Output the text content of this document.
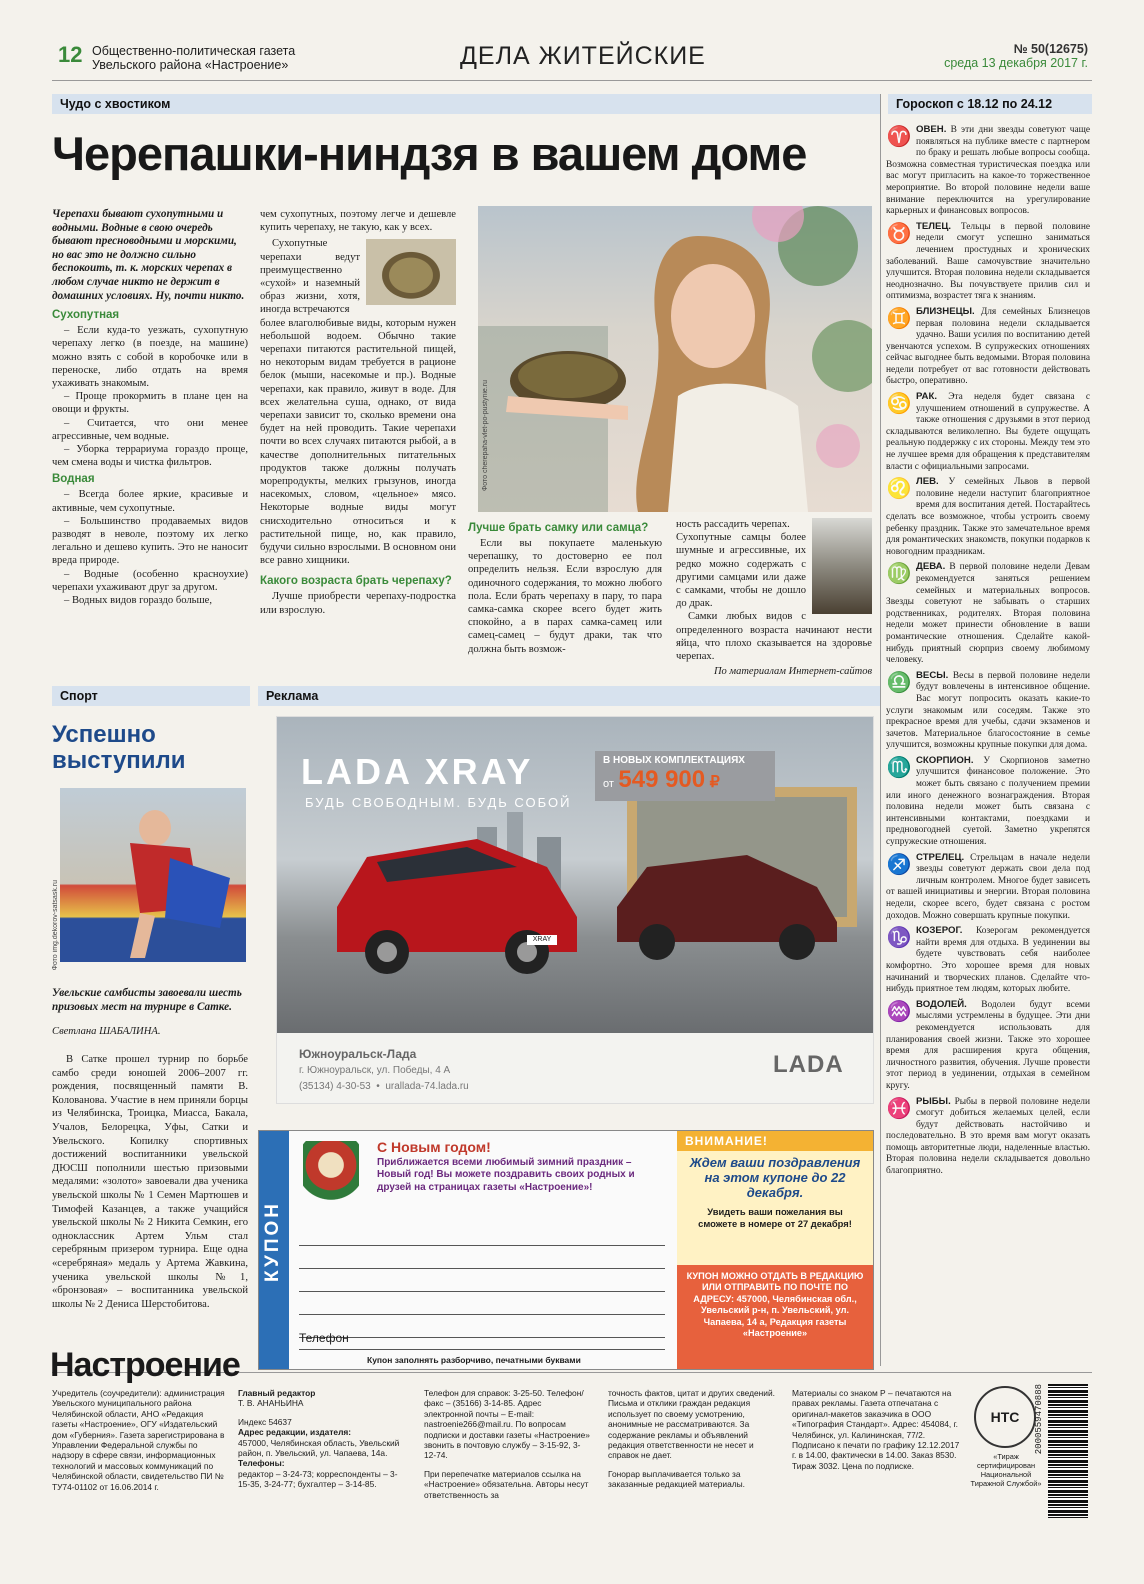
12 Общественно-политическая газета
Увельского района «Настроение»	ДЕЛА ЖИТЕЙСКИЕ	№ 50(12675)
среда 13 декабря 2017 г.
Чудо с хвостиком	Гороскоп с 18.12 по 24.12
Черепашки-ниндзя в вашем доме
Черепахи бывают сухопутными и водными. Водные в свою очередь бывают пресноводными и морскими, но вас это не должно сильно беспокоить, т. к. морских черепах в любом случае никто не держит в домашних условиях. Ну, почти никто.
Сухопутная

– Если куда-то уезжать, сухопутную черепаху легко (в поезде, на машине) можно взять с собой в коробочке или в переноске, либо отдать на время ухаживать знакомым.

– Проще прокормить в плане цен на овощи и фрукты.

– Считается, что они менее агрессивные, чем водные.

– Уборка террариума гораздо проще, чем смена воды и чистка фильтров.

Водная

– Всегда более яркие, красивые и активные, чем сухопутные.

– Большинство продаваемых видов разводят в неволе, поэтому их легко легально и дешево купить. Это не наносит вреда природе.

– Водные (особенно красноухие) черепахи ухаживают друг за другом.

– Водных видов гораздо больше,

чем сухопутных, поэтому легче и дешевле купить черепаху, не такую, как у всех.
Сухопутные черепахи ведут преимущественно «сухой» и наземный образ жизни, хотя, иногда встречаются
более влаголюбивые виды, которым нужен небольшой водоем. Обычно такие черепахи питаются растительной пищей, но некоторым видам требуется в рационе белок (мыши, насекомые и пр.). Водные черепахи, как правило, живут в воде. Для всех желательна суша, однако, от вида черепахи зависит то, сколько времени она будет на ней проводить. Такие черепахи почти во всех случаях питаются рыбой, а в качестве дополнительных питательных продуктов также должны получать морепродукты, мелких грызунов, иногда насекомых, словом, «цельное» мясо. Некоторые водные виды могут снисходительно относиться и к растительной пище, но, как правило, будучи сильно взрослыми. В основном они все равно хищники.
Какого возраста брать черепаху?
Лучше приобрести черепаху-подростка или взрослую.
Фото cherepaha-vlet-po-pustynie.ru
Лучше брать самку или самца?
Если вы покупаете маленькую черепашку, то достоверно ее пол определить нельзя. Если взрослую для одиночного содержания, то можно любого пола. Если брать черепаху в пару, то пара самка-самка скорее всего будет жить спокойно, а в парах самка-самец или самец-самец – будут драки, так что должна быть возмож-
ность рассадить черепах.
Сухопутные самцы более шумные и агрессивные, их редко можно содержать с другими самцами или даже с самками, чтобы не дошло до драк.
Самки любых видов с определенного возраста начинают нести яйца, что плохо сказывается на здоровье черепах.
По материалам Интернет-сайтов
♈ ОВЕН. В эти дни звезды советуют чаще появляться на публике вместе с партнером по браку и решать любые вопросы сообща. Возможна совместная туристическая поездка или вас могут пригласить на какое-то торжественное мероприятие. Во второй половине недели ваше внимание переключится на урегулирование карьерных и финансовых вопросов.
♉ ТЕЛЕЦ. Тельцы в первой половине недели смогут успешно заниматься лечением простудных и хронических заболеваний. Ваше самочувствие значительно улучшится. Вторая половина недели складывается неоднозначно. Вы почувствуете прилив сил и оптимизма, возрастет тяга к знаниям.
♊ БЛИЗНЕЦЫ. Для семейных Близнецов первая половина недели складывается удачно. Ваши усилия по воспитанию детей увенчаются успехом. В супружеских отношениях сейчас выгоднее быть ведомыми. Вторая половина недели потребует от вас готовности действовать быстро, оперативно.
♋ РАК. Эта неделя будет связана с улучшением отношений в супружестве. А также отношения с друзьями в этот период складываются великолепно. Вы будете ощущать реальную поддержку с их стороны. Между тем это не лучшее время для обращения к представителям власти с официальными запросами.
♌ ЛЕВ. У семейных Львов в первой половине недели наступит благоприятное время для воспитания детей. Постарайтесь сделать все возможное, чтобы устроить своему ребенку праздник. Также это замечательное время для романтических знакомств, покупки подарков к новогодним праздникам.
♍ ДЕВА. В первой половине недели Девам рекомендуется заняться решением семейных и материальных вопросов. Звезды советуют не забывать о старших родственниках, родителях. Вторая половина недели может принести обновление в ваши романтические отношения. Сделайте какой-нибудь приятный сюрприз своему любимому человеку.
♎ ВЕСЫ. Весы в первой половине недели будут вовлечены в интенсивное общение. Вас могут попросить оказать какие-то услуги знакомым или соседям. Также это прекрасное время для учебы, сдачи экзаменов и зачетов. Материальное благосостояние в семье улучшится, возможны крупные покупки для дома.
♏ СКОРПИОН. У Скорпионов заметно улучшится финансовое положение. Это может быть связано с получением премии или иного денежного вознаграждения. Вторая половина недели может быть связана с интенсивными контактами, поездками и предновогодней суетой. Заметно укрепятся супружеские отношения.
♐ СТРЕЛЕЦ. Стрельцам в начале недели звезды советуют держать свои дела под личным контролем. Многое будет зависеть от вашей инициативы и энергии. Вторая половина недели, скорее всего, будет связана с ростом доходов. Можно совершать крупные покупки.
♑ КОЗЕРОГ. Козерогам рекомендуется найти время для отдыха. В уединении вы будете чувствовать себя наиболее комфортно. Это хорошее время для новых начинаний и творческих планов. Сделайте что-нибудь приятное тем людям, которых любите.
♒ ВОДОЛЕЙ. Водолеи будут всеми мыслями устремлены в будущее. Эти дни рекомендуется использовать для планирования своей жизни. Также это хорошее время для расширения круга общения, личностного развития, обучения. Лучше провести этот период в уединении, отдыхая в семейном кругу.
♓ РЫБЫ. Рыбы в первой половине недели смогут добиться желаемых целей, если будут действовать настойчиво и последовательно. В это время вам могут оказать помощь авторитетные люди, наделенные властью. Вторая половина недели складывается довольно благоприятно.
Спорт	Реклама
Успешно
выступили
Фото img.dekorov-satsask.ru
Увельские самбисты завоевали шесть призовых мест на турнире в Сатке.
Светлана ШАБАЛИНА.
В Сатке прошел турнир по борьбе самбо среди юношей 2006–2007 гг. рождения, посвященный памяти В. Колованова. Участие в нем приняли борцы из Челябинска, Троицка, Миасса, Бакала, Учалов, Белорецка, Уфы, Сатки и Увельского. Копилку спортивных достижений воспитанники увельской ДЮСШ пополнили шестью призовыми медалями: «золото» завоевали два ученика увельской школы № 1 Семен Мартюшев и Тимофей Казанцев, а также учащийся увельской школы № 2 Никита Семкин, его одноклассник Артем Ульм стал серебряным призером турнира. Еще одна «серебряная» медаль у Артема Жавкина, ученика увельской школы №1, «бронзовая» – воспитанника увельской школы № 2 Дениса Шерстобитова.
LADA XRAY
БУДЬ СВОБОДНЫМ. БУДЬ СОБОЙ
В НОВЫХ КОМПЛЕКТАЦИЯХ
от 549 900 ₽
XRAY
Южноуральск-Лада
г. Южноуральск, ул. Победы, 4 А
(35134) 4-30-53  •  urallada-74.lada.ru
LADA
КУПОН
С Новым годом!
Приближается всеми любимый зимний праздник – Новый год! Вы можете поздравить своих родных и друзей на страницах газеты «Настроение»!
Телефон
Купон заполнять разборчиво, печатными буквами
ВНИМАНИЕ!
Ждем ваши поздравления на этом купоне до 22 декабря.
Увидеть ваши пожелания вы сможете в номере от 27 декабря!
КУПОН МОЖНО ОТДАТЬ В РЕДАКЦИЮ ИЛИ ОТПРАВИТЬ ПО ПОЧТЕ ПО АДРЕСУ: 457000, Челябинская обл., Увельский р-н, п. Увельский, ул. Чапаева, 14 а, Редакция газеты «Настроение»
Настроение

Учредитель (соучредители): администрация Увельского муниципального района Челябинской области, АНО «Редакция газеты «Настроение», ОГУ «Издательский дом «Губерния». Газета зарегистрирована в Управлении Федеральной службы по надзору в сфере связи, информационных технологий и массовых коммуникаций по Челябинской области, свидетельство ПИ № ТУ74-01102 от 16.06.2014 г.

Главный редактор

Т. В. АНАНЬИНА

Индекс 54637

Адрес редакции, издателя:

457000, Челябинская область, Увельский район, п. Увельский, ул. Чапаева, 14а.

Телефоны:

редактор – 3-24-73; корреспонденты – 3-15-35, 3-24-77; бухгалтер – 3-14-85.

Телефон для справок: 3-25-50. Телефон/факс – (35166) 3-14-85. Адрес электронной почты – E-mail: nastroenie266@mail.ru. По вопросам подписки и доставки газеты «Настроение» звонить в почтовую службу – 3-15-92, 3-12-74.

При перепечатке материалов ссылка на «Настроение» обязательна. Авторы несут ответственность за

точность фактов, цитат и других сведений. Письма и отклики граждан редакция использует по своему усмотрению, анонимные не рассматриваются. За содержание рекламы и объявлений редакция ответственности не несет и справок не дает.

Гонорар выплачивается только за заказанные редакцией материалы.

Материалы со знаком Р – печатаются на правах рекламы. Газета отпечатана с оригинал-макетов заказчика в ООО «Типография Стандарт». Адрес: 454084, г. Челябинск, ул. Калининская, 77/2. Подписано к печати по графику 12.12.2017 г. в 14.00, фактически в 14.00. Заказ 8530. Тираж 3032. Цена по подписке.

НТС
«Тираж сертифицирован Национальной Тиражной Службой»
2000559470888
